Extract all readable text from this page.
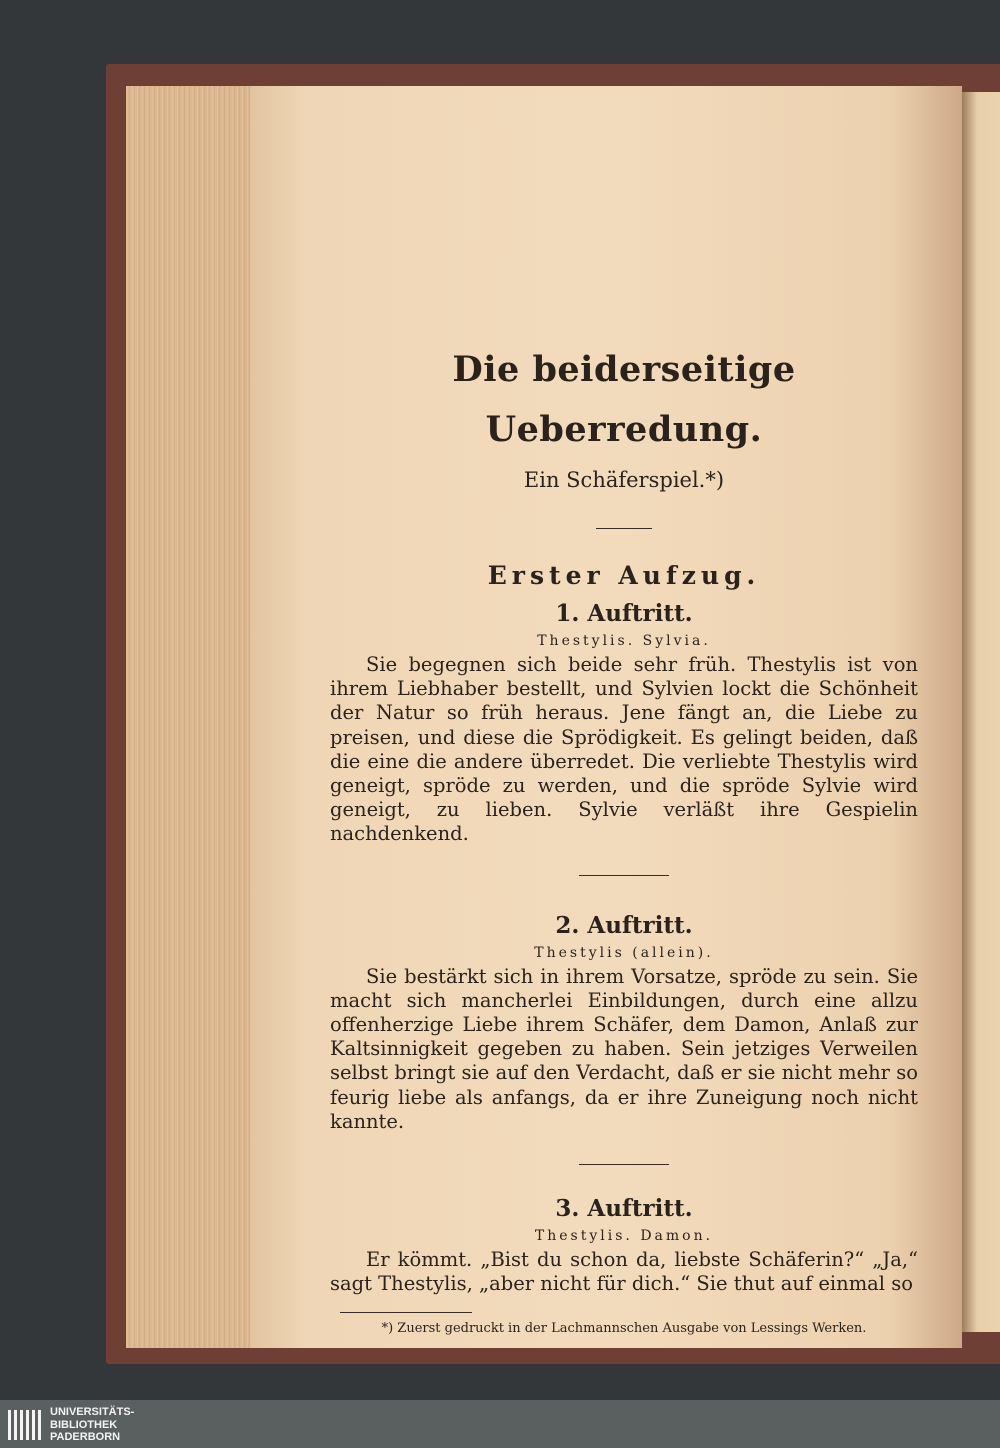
Die beiderseitige Ueberredung.

Ein Schäferspiel.*)

Erster Aufzug.
1. Auftritt.

Thestylis. Sylvia.

Sie begegnen sich beide sehr früh. Thestylis ist von ihrem Liebhaber bestellt, und Sylvien lockt die Schönheit der Natur so früh heraus. Jene fängt an, die Liebe zu preisen, und diese die Sprödigkeit. Es gelingt beiden, daß die eine die andere überredet. Die verliebte Thestylis wird geneigt, spröde zu werden, und die spröde Sylvie wird geneigt, zu lieben. Sylvie verläßt ihre Gespielin nachdenkend.

2. Auftritt.

Thestylis (allein).

Sie bestärkt sich in ihrem Vorsatze, spröde zu sein. Sie macht sich mancherlei Einbildungen, durch eine allzu offenherzige Liebe ihrem Schäfer, dem Damon, Anlaß zur Kaltsinnigkeit gegeben zu haben. Sein jetziges Verweilen selbst bringt sie auf den Verdacht, daß er sie nicht mehr so feurig liebe als anfangs, da er ihre Zuneigung noch nicht kannte.

3. Auftritt.

Thestylis. Damon.

Er kömmt. „Bist du schon da, liebste Schäferin?“ „Ja,“ sagt Thestylis, „aber nicht für dich.“ Sie thut auf einmal so

*) Zuerst gedruckt in der Lachmannschen Ausgabe von Lessings Werken.

UNIVERSITÄTS-
BIBLIOTHEK
PADERBORN
